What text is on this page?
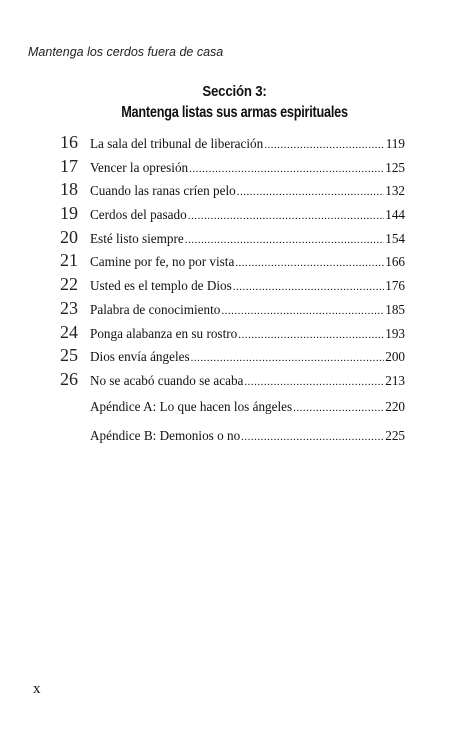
Mantenga los cerdos fuera de casa
Sección 3:
Mantenga listas sus armas espirituales
16 La sala del tribunal de liberación .....	119
17 Vencer la opresión .....	125
18 Cuando las ranas críen pelo .....	132
19 Cerdos del pasado .....	144
20 Esté listo siempre .....	154
21 Camine por fe, no por vista .....	166
22 Usted es el templo de Dios .....	176
23 Palabra de conocimiento .....	185
24 Ponga alabanza en su rostro .....	193
25 Dios envía ángeles .....	200
26 No se acabó cuando se acaba .....	213
Apéndice A: Lo que hacen los ángeles .....	220
Apéndice B: Demonios o no .....	225
x
